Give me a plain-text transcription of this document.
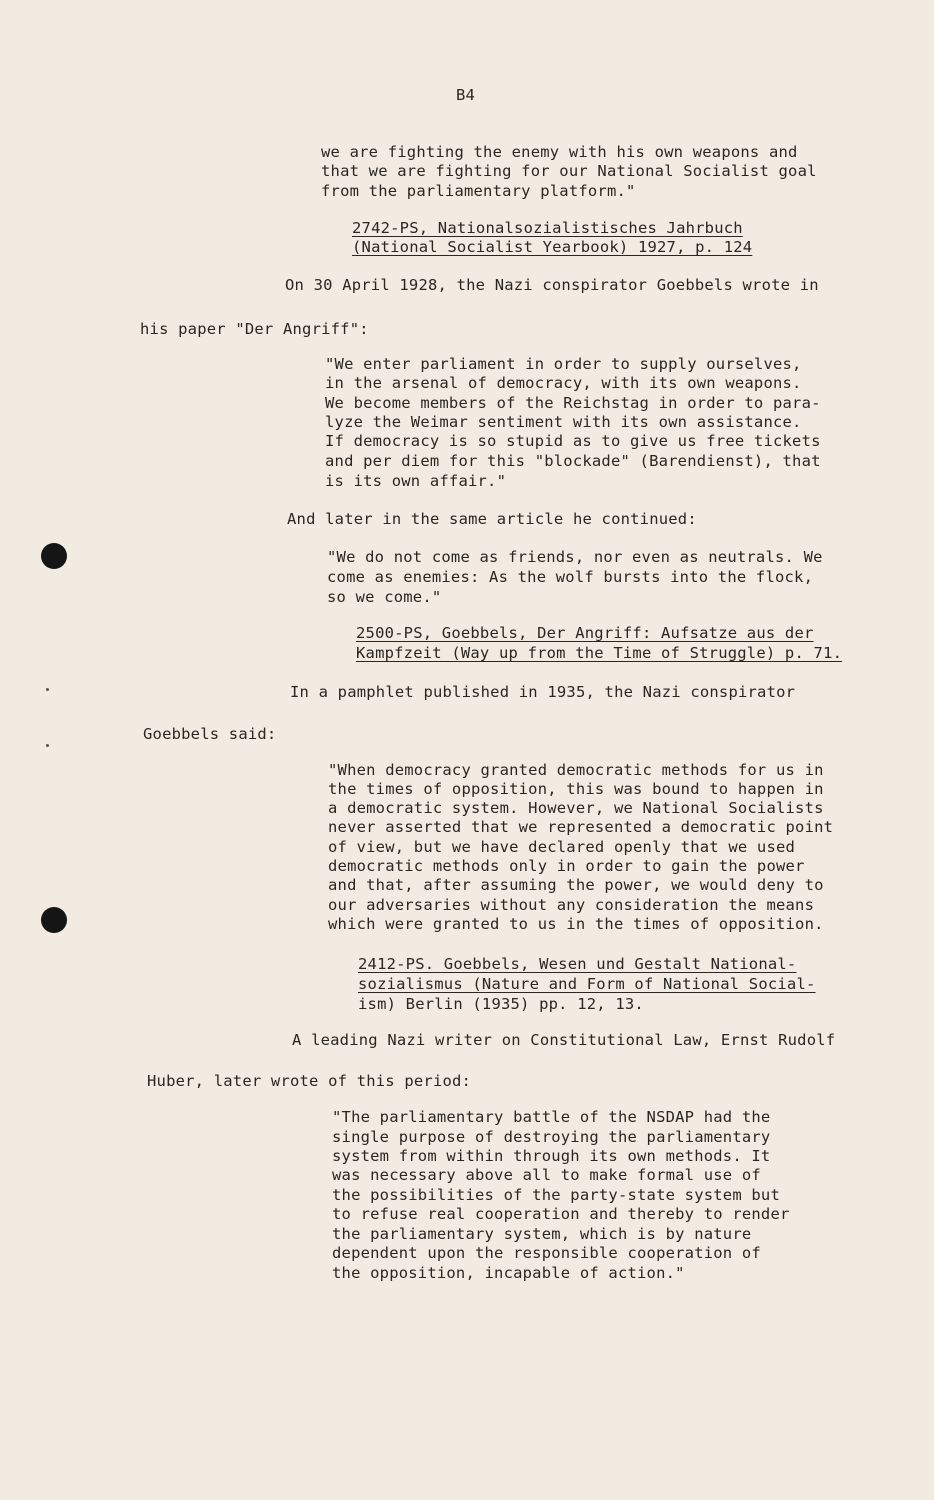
B4
we are fighting the enemy with his own weapons and
that we are fighting for our National Socialist goal
from the parliamentary platform."
2742-PS, Nationalsozialistisches Jahrbuch
(National Socialist Yearbook) 1927, p. 124
On 30 April 1928, the Nazi conspirator Goebbels wrote in
his paper "Der Angriff":
"We enter parliament in order to supply ourselves,
in the arsenal of democracy, with its own weapons.
We become members of the Reichstag in order to para-
lyze the Weimar sentiment with its own assistance.
If democracy is so stupid as to give us free tickets
and per diem for this "blockade" (Barendienst), that
is its own affair."
And later in the same article he continued:
"We do not come as friends, nor even as neutrals. We
come as enemies: As the wolf bursts into the flock,
so we come."
2500-PS, Goebbels, Der Angriff: Aufsatze aus der
Kampfzeit (Way up from the Time of Struggle) p. 71.
In a pamphlet published in 1935, the Nazi conspirator
Goebbels said:
"When democracy granted democratic methods for us in
the times of opposition, this was bound to happen in
a democratic system. However, we National Socialists
never asserted that we represented a democratic point
of view, but we have declared openly that we used
democratic methods only in order to gain the power
and that, after assuming the power, we would deny to
our adversaries without any consideration the means
which were granted to us in the times of opposition.
2412-PS. Goebbels, Wesen und Gestalt National-
sozialismus (Nature and Form of National Social-
ism) Berlin (1935) pp. 12, 13.
A leading Nazi writer on Constitutional Law, Ernst Rudolf
Huber, later wrote of this period:
"The parliamentary battle of the NSDAP had the
single purpose of destroying the parliamentary
system from within through its own methods. It
was necessary above all to make formal use of
the possibilities of the party-state system but
to refuse real cooperation and thereby to render
the parliamentary system, which is by nature
dependent upon the responsible cooperation of
the opposition, incapable of action."
